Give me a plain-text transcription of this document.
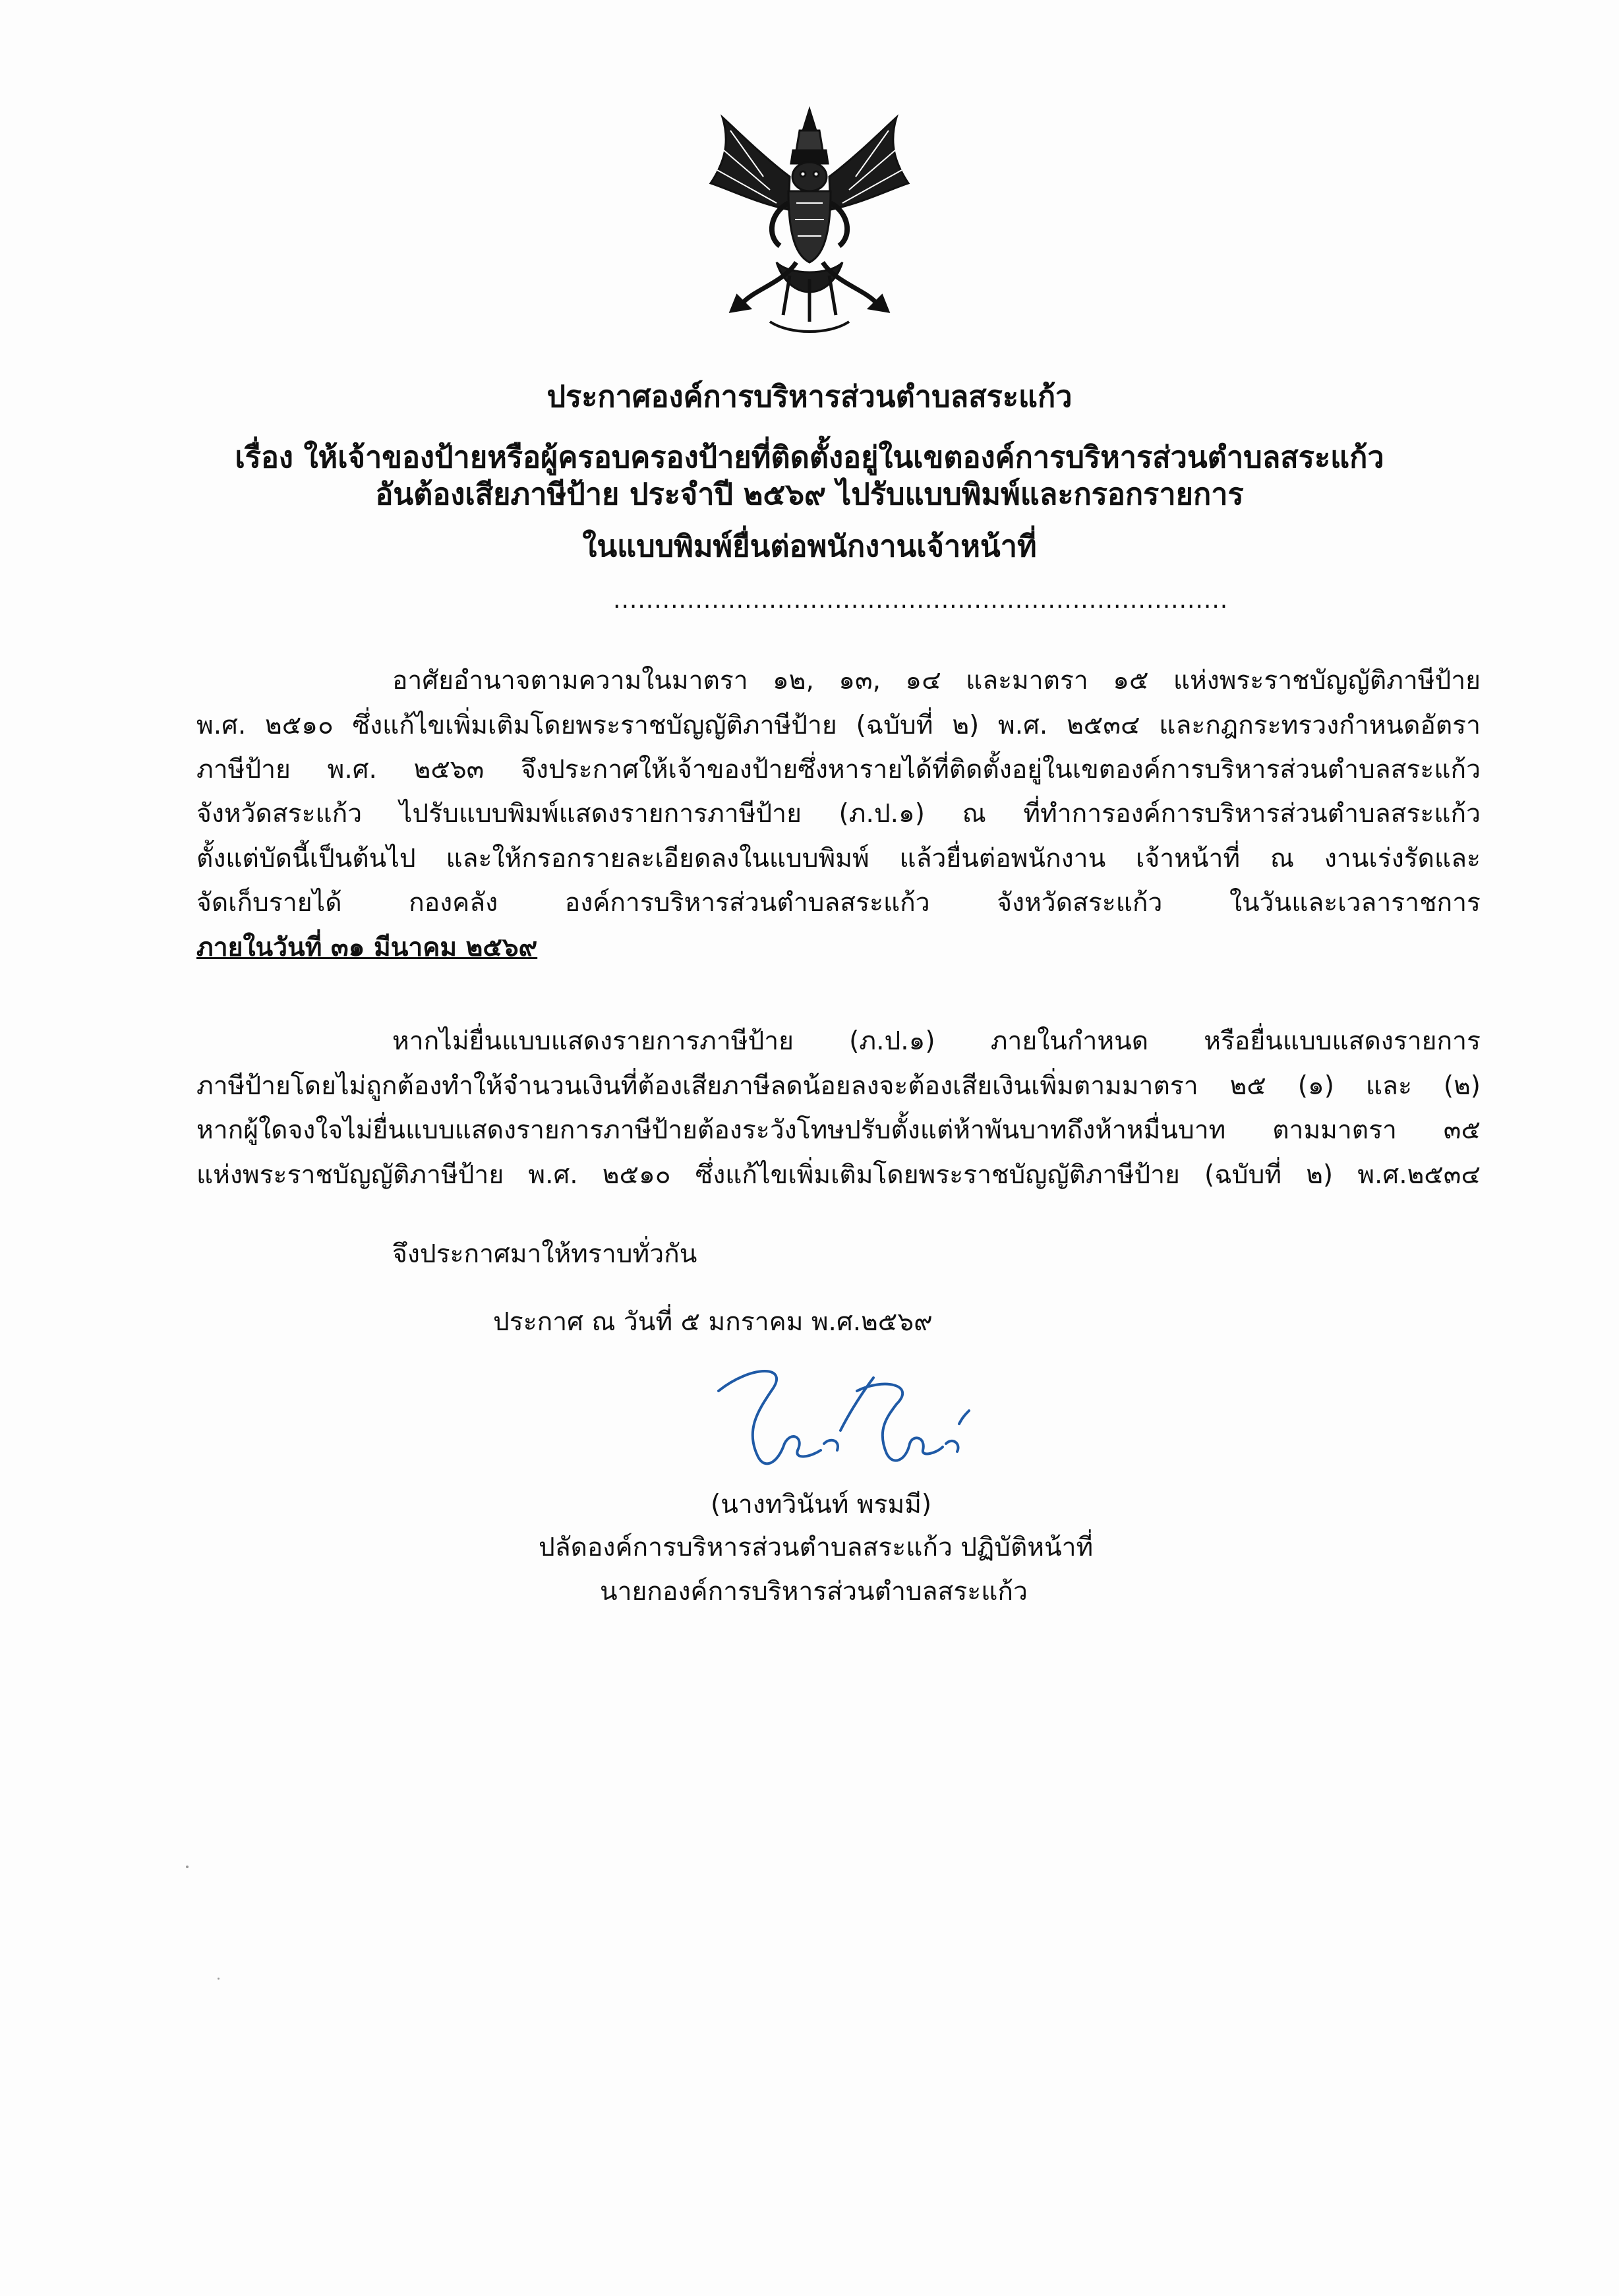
ประกาศองค์การบริหารส่วนตำบลสระแก้ว
เรื่อง ให้เจ้าของป้ายหรือผู้ครอบครองป้ายที่ติดตั้งอยู่ในเขตองค์การบริหารส่วนตำบลสระแก้ว
อันต้องเสียภาษีป้าย ประจำปี ๒๕๖๙ ไปรับแบบพิมพ์และกรอกรายการ
ในแบบพิมพ์ยื่นต่อพนักงานเจ้าหน้าที่
...........................................................................
อาศัยอำนาจตามความในมาตรา ๑๒, ๑๓, ๑๔ และมาตรา ๑๕ แห่งพระราชบัญญัติภาษีป้าย
พ.ศ. ๒๕๑๐ ซึ่งแก้ไขเพิ่มเติมโดยพระราชบัญญัติภาษีป้าย (ฉบับที่ ๒) พ.ศ. ๒๕๓๔ และกฎกระทรวงกำหนดอัตรา
ภาษีป้าย พ.ศ. ๒๕๖๓ จึงประกาศให้เจ้าของป้ายซึ่งหารายได้ที่ติดตั้งอยู่ในเขตองค์การบริหารส่วนตำบลสระแก้ว
จังหวัดสระแก้ว ไปรับแบบพิมพ์แสดงรายการภาษีป้าย (ภ.ป.๑) ณ ที่ทำการองค์การบริหารส่วนตำบลสระแก้ว
ตั้งแต่บัดนี้เป็นต้นไป และให้กรอกรายละเอียดลงในแบบพิมพ์ แล้วยื่นต่อพนักงาน เจ้าหน้าที่ ณ งานเร่งรัดและ
จัดเก็บรายได้ กองคลัง องค์การบริหารส่วนตำบลสระแก้ว จังหวัดสระแก้ว ในวันและเวลาราชการ
ภายในวันที่ ๓๑ มีนาคม ๒๕๖๙
หากไม่ยื่นแบบแสดงรายการภาษีป้าย (ภ.ป.๑) ภายในกำหนด หรือยื่นแบบแสดงรายการ
ภาษีป้ายโดยไม่ถูกต้องทำให้จำนวนเงินที่ต้องเสียภาษีลดน้อยลงจะต้องเสียเงินเพิ่มตามมาตรา ๒๕ (๑) และ (๒)
หากผู้ใดจงใจไม่ยื่นแบบแสดงรายการภาษีป้ายต้องระวังโทษปรับตั้งแต่ห้าพันบาทถึงห้าหมื่นบาท ตามมาตรา ๓๕
แห่งพระราชบัญญัติภาษีป้าย พ.ศ. ๒๕๑๐ ซึ่งแก้ไขเพิ่มเติมโดยพระราชบัญญัติภาษีป้าย (ฉบับที่ ๒) พ.ศ.๒๕๓๔
จึงประกาศมาให้ทราบทั่วกัน
ประกาศ ณ วันที่ ๕ มกราคม พ.ศ.๒๕๖๙
(นางทวินันท์ พรมมี)
ปลัดองค์การบริหารส่วนตำบลสระแก้ว ปฏิบัติหน้าที่
นายกองค์การบริหารส่วนตำบลสระแก้ว
